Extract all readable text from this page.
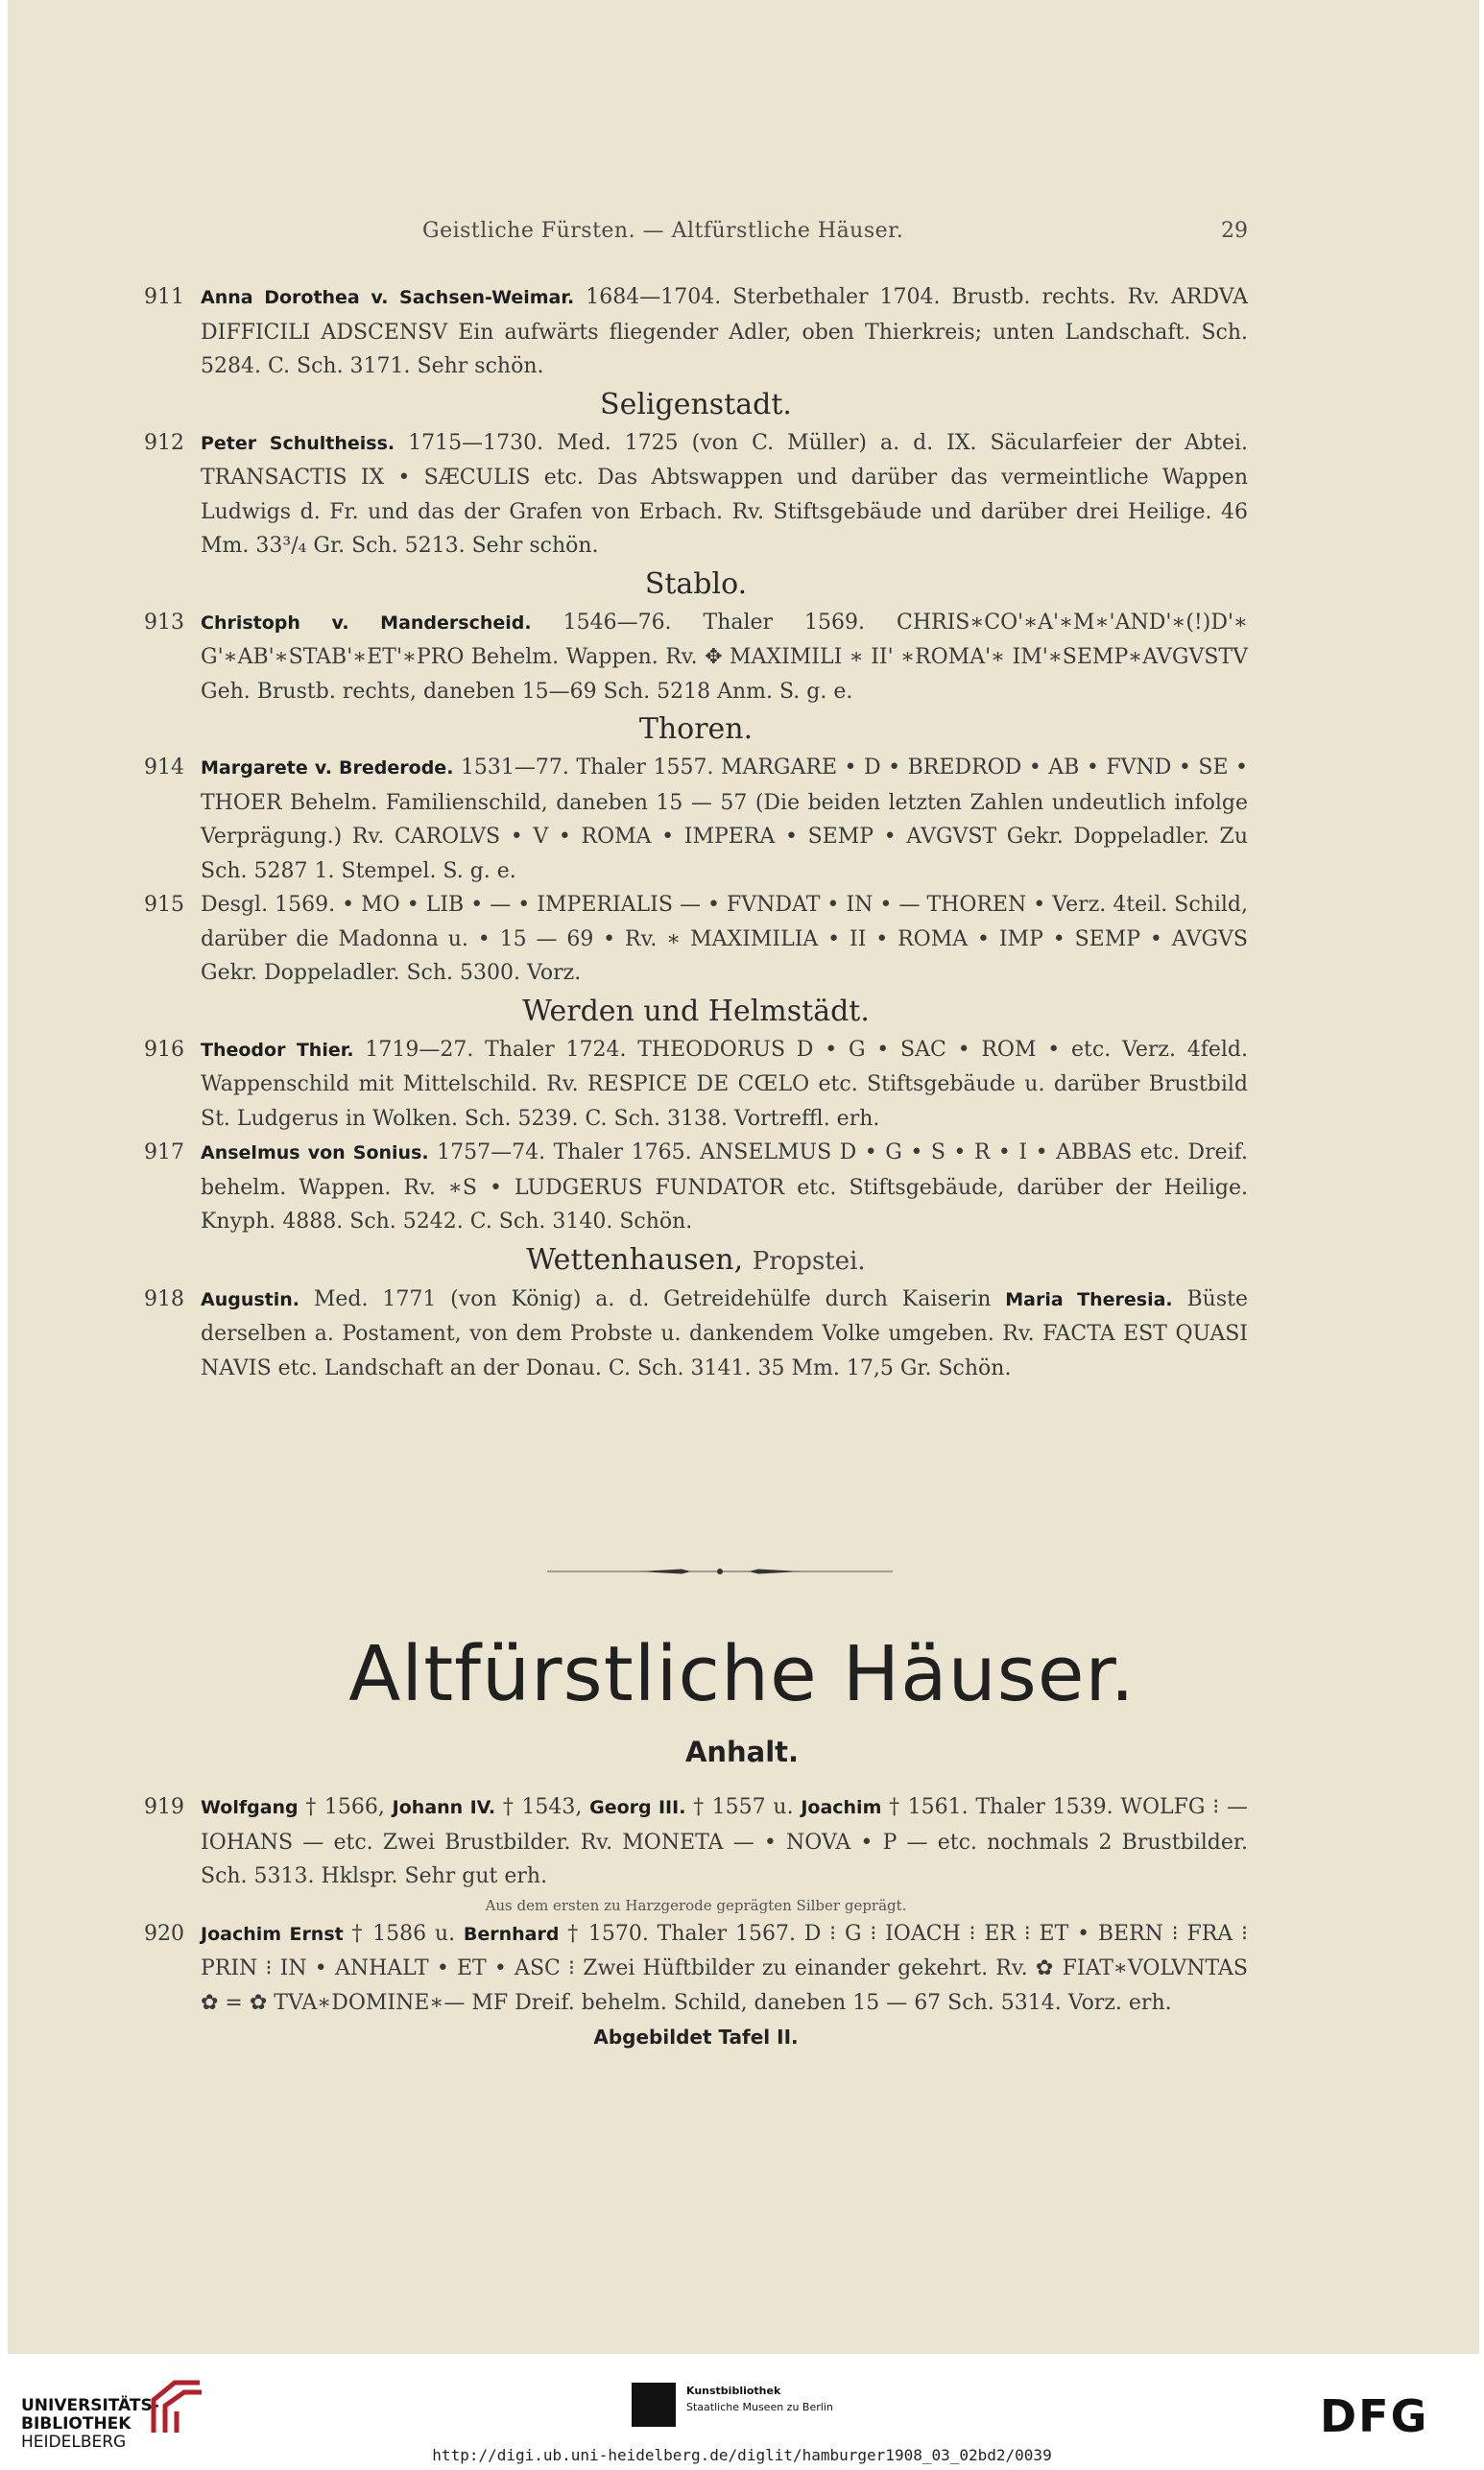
Geistliche Fürsten. — Altfürstliche Häuser.	29

911 Anna Dorothea v. Sachsen-Weimar. 1684—1704. Sterbethaler 1704. Brustb. rechts. Rv. ARDVA DIFFICILI ADSCENSV Ein aufwärts fliegender Adler, oben Thierkreis; unten Landschaft. Sch. 5284. C. Sch. 3171. Sehr schön.

Seligenstadt.

912 Peter Schultheiss. 1715—1730. Med. 1725 (von C. Müller) a. d. IX. Säcularfeier der Abtei. TRANSACTIS IX • SÆCULIS etc. Das Abtswappen und darüber das vermeintliche Wappen Ludwigs d. Fr. und das der Grafen von Erbach. Rv. Stiftsgebäude und darüber drei Heilige. 46 Mm. 33³/₄ Gr. Sch. 5213. Sehr schön.

Stablo.

913 Christoph v. Manderscheid. 1546—76. Thaler 1569. CHRIS∗CO'∗A'∗M∗'AND'∗(!)D'∗ G'∗AB'∗STAB'∗ET'∗PRO Behelm. Wappen. Rv. ✥ MAXIMILI ∗ II' ∗ROMA'∗ IM'∗SEMP∗AVGVSTV Geh. Brustb. rechts, daneben 15—69 Sch. 5218 Anm. S. g. e.

Thoren.

914 Margarete v. Brederode. 1531—77. Thaler 1557. MARGARE • D • BREDROD • AB • FVND • SE • THOER Behelm. Familienschild, daneben 15 — 57 (Die beiden letzten Zahlen undeutlich infolge Verprägung.) Rv. CAROLVS • V • ROMA • IMPERA • SEMP • AVGVST Gekr. Doppeladler. Zu Sch. 5287 1. Stempel. S. g. e.

915 Desgl. 1569. • MO • LIB • — • IMPERIALIS — • FVNDAT • IN • — THOREN • Verz. 4teil. Schild, darüber die Madonna u. • 15 — 69 • Rv. ∗ MAXIMILIA • II • ROMA • IMP • SEMP • AVGVS Gekr. Doppeladler. Sch. 5300. Vorz.

Werden und Helmstädt.

916 Theodor Thier. 1719—27. Thaler 1724. THEODORUS D • G • SAC • ROM • etc. Verz. 4feld. Wappenschild mit Mittelschild. Rv. RESPICE DE CŒLO etc. Stiftsgebäude u. darüber Brustbild St. Ludgerus in Wolken. Sch. 5239. C. Sch. 3138. Vortreffl. erh.

917 Anselmus von Sonius. 1757—74. Thaler 1765. ANSELMUS D • G • S • R • I • ABBAS etc. Dreif. behelm. Wappen. Rv. ∗S • LUDGERUS FUNDATOR etc. Stiftsgebäude, darüber der Heilige. Knyph. 4888. Sch. 5242. C. Sch. 3140. Schön.

Wettenhausen, Propstei.

918 Augustin. Med. 1771 (von König) a. d. Getreidehülfe durch Kaiserin Maria Theresia. Büste derselben a. Postament, von dem Probste u. dankendem Volke umgeben. Rv. FACTA EST QUASI NAVIS etc. Landschaft an der Donau. C. Sch. 3141. 35 Mm. 17,5 Gr. Schön.

Altfürstliche Häuser.
Anhalt.

919 Wolfgang † 1566, Johann IV. † 1543, Georg III. † 1557 u. Joachim † 1561. Thaler 1539. WOLFG ⁝ — IOHANS — etc. Zwei Brustbilder. Rv. MONETA — • NOVA • P — etc. nochmals 2 Brustbilder. Sch. 5313. Hklspr. Sehr gut erh.

Aus dem ersten zu Harzgerode geprägten Silber geprägt.

920 Joachim Ernst † 1586 u. Bernhard † 1570. Thaler 1567. D ⁝ G ⁝ IOACH ⁝ ER ⁝ ET • BERN ⁝ FRA ⁝ PRIN ⁝ IN • ANHALT • ET • ASC ⁝ Zwei Hüftbilder zu einander gekehrt. Rv. ✿ FIAT∗VOLVNTAS ✿ = ✿ TVA∗DOMINE∗— MF Dreif. behelm. Schild, daneben 15 — 67 Sch. 5314. Vorz. erh.

Abgebildet Tafel II.

UNIVERSITÄTS-
BIBLIOTHEK
HEIDELBERG
Kunstbibliothek
Staatliche Museen zu Berlin	DFG
http://digi.ub.uni-heidelberg.de/diglit/hamburger1908_03_02bd2/0039
